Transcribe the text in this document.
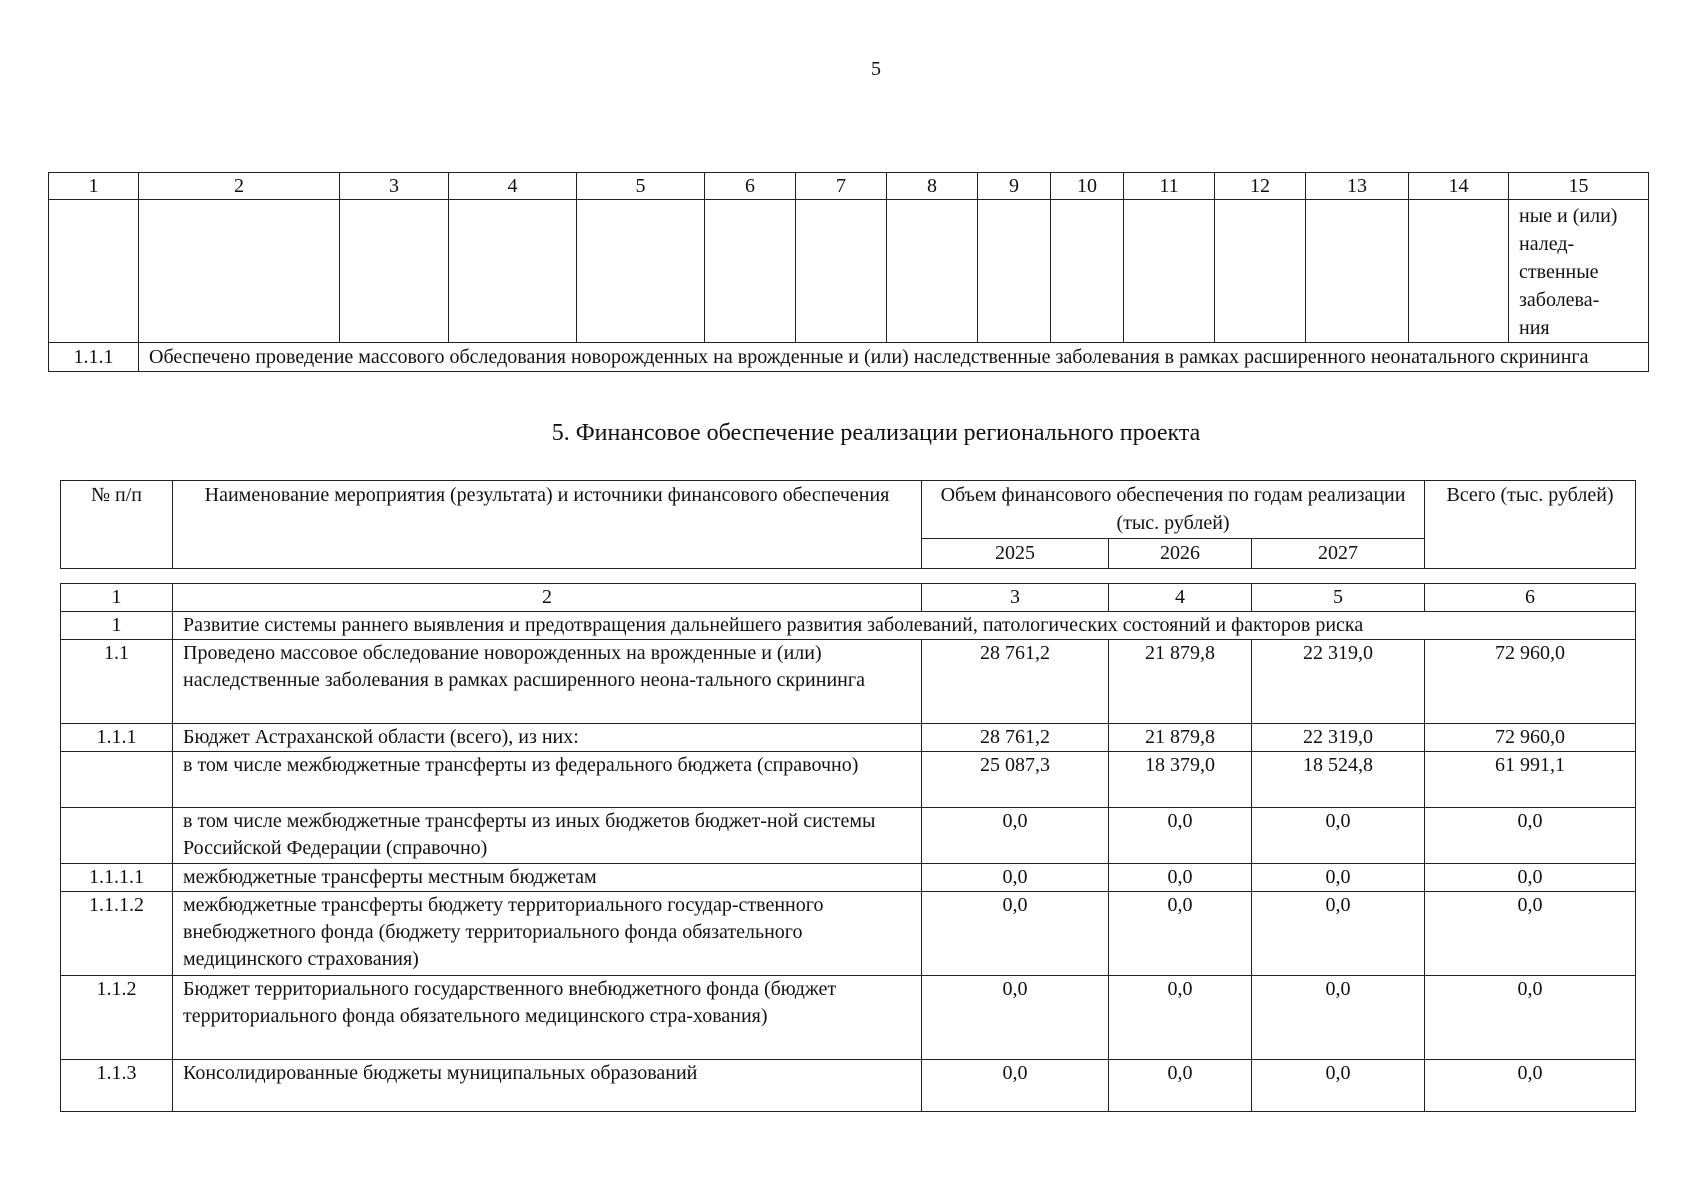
5
1	2	3	4	5	6	7	8	9	10	11	12	13	14	15

														ные и (или)
налед-
ственные
заболева-
ния

1.1.1	Обеспечено проведение массового обследования новорожденных на врожденные и (или) наследственные заболевания в рамках расширенного неонатального скрининга													
5. Финансовое обеспечение реализации регионального проекта
№ п/п	Наименование мероприятия (результата) и источники финансового обеспечения	Объем финансового обеспечения по годам реализации (тыс. рублей)			Всего (тыс. рублей)
		2025	2026	2027	
1	2	3	4	5	6
1	Развитие системы раннего выявления и предотвращения дальнейшего развития заболеваний, патологических состояний и факторов риска				
1.1	Проведено массовое обследование новорожденных на врожденные и (или) наследственные заболевания в рамках расширенного неона-тального скрининга	28 761,2	21 879,8	22 319,0	72 960,0
1.1.1	Бюджет Астраханской области (всего), из них:	28 761,2	21 879,8	22 319,0	72 960,0
	в том числе межбюджетные трансферты из федерального бюджета (справочно)	25 087,3	18 379,0	18 524,8	61 991,1
	в том числе межбюджетные трансферты из иных бюджетов бюджет-ной системы Российской Федерации (справочно)	0,0	0,0	0,0	0,0
1.1.1.1	межбюджетные трансферты местным бюджетам	0,0	0,0	0,0	0,0
1.1.1.2	межбюджетные трансферты бюджету территориального государ-ственного внебюджетного фонда (бюджету территориального фонда обязательного медицинского страхования)	0,0	0,0	0,0	0,0
1.1.2	Бюджет территориального государственного внебюджетного фонда (бюджет территориального фонда обязательного медицинского стра-хования)	0,0	0,0	0,0	0,0
1.1.3	Консолидированные бюджеты муниципальных образований	0,0	0,0	0,0	0,0
